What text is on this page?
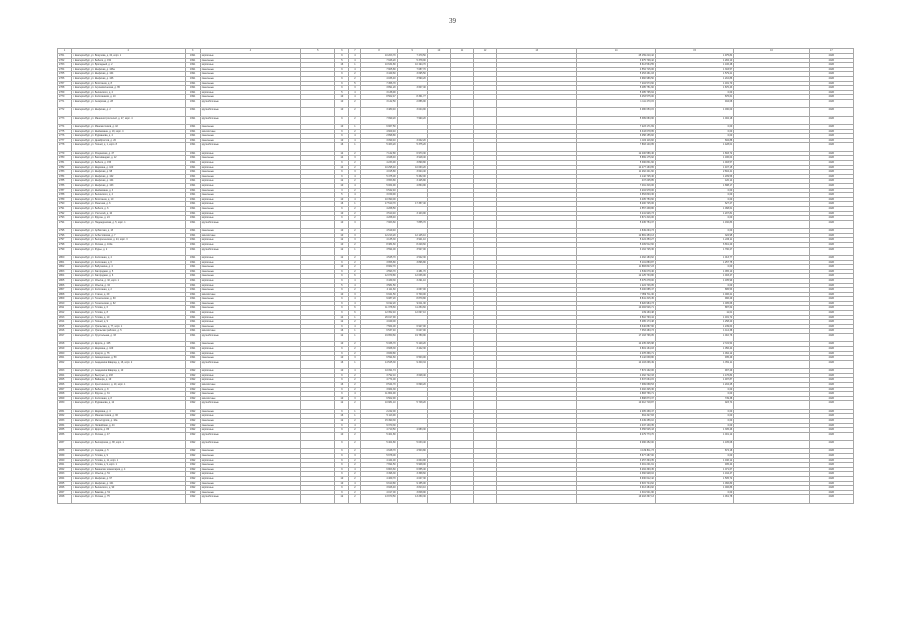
39
1	2	3	4	5	6	7	8	9	10	11	12	13	14	15	16	17
2761	г. Екатеринбург, ул. Викулова, д. 34, корп. 1	1991	кирпичные		9	4	10 203,70	7 479,50					25 159 210,42	1 975,84		2026
2762	г. Екатеринбург, ул. Бебеля, д. 152	1991	панельные		5	4	7 946,20	5 378,90					3 975 709,42	1 284,10		2026
2763	г. Екатеринбург, ул. Бригадный, д. 2	1991	кирпичные		16	1	10 634,80	10 194,70					8 613 564,55	1 106,48		2026
2764	г. Екатеринбург, ул. Шефская, д. 106а	1991	панельные		9	4	7 905,80	7 087,70					4 554 715,06	1 303,57		2026
2765	г. Екатеринбург, ул. Шефская, д. 104	1991	панельные		9	2	3 449,60	3 095,50					5 253 461,03	1 579,21		2026
2766	г. Екатеринбург, ул. Шефская, д. 106	1991	панельные		9	2	4 036,40	3 590,20					3 982 986,50	1 210,86		2026
2767	г. Екатеринбург, ул. Восстания, д. 8	1991	панельные		9	5	7 456,70						7 204 573,60	1 181,70		2026
2768	г. Екатеринбург, ул. Агрономическая, д. 65	1991	панельные		9	3	3 891,20	3 607,40					5 485 751,60	1 870,43		2026
2769	г. Екатеринбург, ул. Белинского, д. 2	1991	кирпичные		5	4	3 138,90						5 485 795,94	0,00		2026
2770	г. Екатеринбург, ул. Колхозников, д. 10	1991	панельные		10	4	8 502,47	8 361,77					6 453 575,00	876,61		2026
2771	г. Екатеринбург, ул. Ангарская, д. 28	1991	крупноблочные		10	2	3 142,50	2 886,90					1 111 470,15	494,08		2026
2772	г. Екатеринбург, ул. Шефская, д. 2	1991	крупноблочные		10	2	3 480,40	3 044,90					3 080 653,15	1 030,00		2026
2773	г. Екатеринбург, ул. Машиностроителей, д. 27, корп. 4	1991	крупноблочные		9	2	7 999,20	7 990,20					5 389 683,96	1 002,18		2026
2774	г. Екатеринбург, ул. Минометчиков, д. 42	1991	панельные		10	1	6 967,50						7 223 171,69	0,00		2026
2775	г. Екатеринбург, ул. Шейнкмана, д. 19, корп. 4	1991	монолитные		9	2	4 609,40						6 343 678,95	0,00		2026
2776	г. Екатеринбург, ул. Фурманова, д. 4	1991	панельные		9	4	2 898,80						6 058 155,82	0,00		2026
2777	г. Екатеринбург, ул. Декабристов, д. 20	1991	панельные		10	4	3 099,40	3 002,20					1 184 116,82	602,88		2026
2778	г. Екатеринбург, ул. Ткачей, д. 1, корп. 8	1991	крупноблочные		16	1	5 463,20	5 375,20					7 893 140,95	1 428,01		2026
2779	г. Екатеринбург, ул. Рощинская, д. 47	1991	кирпичные		14	2	7 142,80	6 973,30					12 400 586,46	1 803,72		2026
2780	г. Екатеринбург, ул. Бахчиванджи, д. 12	1991	панельные		14	3	4 948,40	3 918,40					5 869 175,92	1 186,04		2026
2781	г. Екатеринбург, ул. Бебеля, д. 156	1991	кирпичные		9	2	4 233,90	3 899,80					5 396 831,66	1 003,57		2026
2782	г. Екатеринбург, ул. Шаумяна, д. 100	1991	кирпичные		14	2	10 295,40	10 063,20					14 477 163,65	1 407,15		2026
2783	г. Екатеринбург, ул. Шефская, д. 98	1991	панельные		9	3	4 015,80	3 624,40					11 262 441,60	2 804,41		2026
2784	г. Екатеринбург, ул. Шефская, д. 102	1991	панельные		9	4	5 475,00	5 452,00					4 142 725,46	1 209,56		2026
2785	г. Екатеринбург, ул. Шефская, д. 104	1991	кирпичные		12	2	3 653,80	3 425,80					437 205,85	120,14		2026
2786	г. Екатеринбург, ул. Шефская, д. 103	1991	кирпичные		10	4	5 064,90	4 864,90					7 491 316,06	1 688,17		2026
2787	г. Екатеринбург, ул. Шейнкмана, д. 3	1991	панельные		3	2	6 542,40						3 204 978,06	0,00		2026
2788	г. Екатеринбург, ул. Белинского, д. 4	1991	панельные		5	4	3 159,90						3 653 803,36	0,00		2026
2789	г. Екатеринбург, ул. Восстания, д. 10	1991	кирпичные		10	4	10 390,00						3 405 753,60	0,00		2026
2790	г. Екатеринбург, ул. Ракетная, д. 6	1991	кирпичные		16	1	17 510,70	17 357,40					8 200 725,06	627,27		2026
2791	г. Екатеринбург, ул. Бебеля, д. 6	1991	панельные		9	2	4 268,50						4 557 438,86	1 068,61		2026
2792	г. Екатеринбург, ул. Учителей, д. 10	1991	кирпичные		10	2	3 510,40	3 103,90					3 241 926,73	1 207,81		2026
2793	г. Екатеринбург, ул. Фрунзе, д. 24	1991	кирпичные		9	2	4 268,40						3 871 316,06	0,00		2026
2794	г. Екатеринбург, ул. Надеждинская, д. 5, корп. 1	1991	крупноблочные		10	3	7 963,60	7 855,70					5 045 754,37	1 160,83		2026
2795	г. Екатеринбург, ул. Арбатская, д. 1б	1991	панельные		10	2	4 519,40						4 849 294,73	0,00		2026
2796	г. Екатеринбург, ул. Асбестовская, д. 7	1991	монолитные		10	3	12 213,20	12 145,10					12 881 453,13	322,95		2026
2797	г. Екатеринбург, ул. Белореченская, д. 24, корп. 3	1991	кирпичные		12	3	4 135,30	3 921,10					5 424 353,27	1 226,11		2026
2798	г. Екатеринбург, ул. Репина, д. 104а	1991	кирпичные		10	2	8 384,60	8 229,60					5 409 512,60	6 661,20		2026
2799	г. Екатеринбург, ул. Фурье, д. 2	1991	крупноблочные		12	1	3 594,00	3 527,00					3 164 725,36	1 790,27		2026
2800	г. Екатеринбург, ул. Колхозная, д. 4	1991	кирпичные		12	2	4 545,70	4 542,30					4 462 183,62	1 013,77		2026
2801	г. Екатеринбург, ул. Колхозная, д. 6	1991	кирпичные		9	2	3 956,80	3 896,80					5 101 883,87	1 257,75		2026
2802	г. Екатеринбург, ул. Бабушкина, д. 4	1991	панельные		10	2	8 962,70						11 883 847,23	0,00		2026
2803	г. Екатеринбург, ул. Загородная, д. 5	1991	панельные		9	2	4 593,70	4 481,70					4 549 079,46	1 065,10		2026
2804	г. Екатеринбург, ул. Загородная, д. 6	1991	панельные		9	6	12 079,80	12 036,00					12 125 733,80	1 003,47		2026
2805	г. Екатеринбург, ул. Ильича, д. 32, корп. 1	1991	кирпичные		9	4	3 439,30	3 291,10					5 375 278,00	1 185,99		2026
2806	г. Екатеринбург, ул. Ильича, д. 34	1991	кирпичные		5	4	3 581,50						1 224 746,05	0,00		2026
2807	г. Екатеринбург, ул. Колхозная, д. 2	1991	панельные		9	2	4 111,60	4 067,00					5 400 685,47	895,53		2026
2808	г. Екатеринбург, ул. Стачек, д. 29	1991	монолитные		10	3	6 941,50	6 700,00					7 959 711,30	1 006,21		2026
2809	г. Екатеринбург, ул. Техническая, д. 60	1991	панельные		9	4	9 087,20	8 879,80					8 841 315,45	996,29		2026
2810	г. Екатеринбург, ул. Техническая, д. 62	1991	панельные		9	4	9 192,20	9 011,30					8 920 984,73	1 005,66		2026
2811	г. Екатеринбург, ул. Титова, д. 6	1991	панельные		9	6	11 378,60	11 254,60					10 484 526,71	887,62		2026
2812	г. Екатеринбург, ул. Титова, д. 8	1991	кирпичные		9	6	12 352,40	12 097,10					139 163,48	11,01		2026
2813	г. Екатеринбург, ул. Титова, д. 10	1991	кирпичные		14	1	26 017,90						3 510 793,44	1 181,72		2026
2814	г. Екатеринбург, ул. Ткачей, д. 9	1991	кирпичные		12	2	4 049,00						5 095 173,48	1 258,20		2026
2815	г. Екатеринбург, ул. Уральская, д. 77, корп. 1	1991	панельные		9	4	7 564,00	6 927,00					8 640 887,96	1 249,64		2026
2816	г. Екатеринбург, ул. Уральских рабочих, д. 5	1991	монолитные		16	1	6 537,40	6 047,00					7 353 483,73	1 112,38		2026
2817	г. Екатеринбург, ул. Хрустальная, д. 33	1991	крупноблочные		12	1	19 950,60	19 780,90					17 193 796,05	1 010,76		2026
2818	г. Екатеринбург, ул. Щорса, д. 105	1991	панельные		10	2	5 336,70	5 129,20					14 235 325,98	2 722,54		2026
2819	г. Екатеринбург, ул. Шаумяна, д. 109	1991	кирпичные		9	2	3 668,30	3 442,30					3 819 164,03	1 056,44		2026
2820	г. Екатеринбург, ул. Крауля, д. 76	1991	кирпичные		9	2	3 839,80						4 078 366,71	1 062,12		2026
2821	г. Екатеринбург, ул. Авиационная, д. 59	1991	панельные		10	3	6 594,60	6 503,00					5 142 638,80	935,49		2026
2822	г. Екатеринбург, ул. Академика Шварца, д. 16, корп. 2	1992	крупноблочные		16	1	14 545,30	9 340,34					14 103 296,49	1 051,11		2026
2823	г. Екатеринбург, ул. Академика Шварца, д. 10	1992	кирпичные		10	4	10 811,74						7 874 192,06	997,29		2026
2824	г. Екатеринбург, ул. Быстрых, д. 13б	1992	кирпичные		9	2	3 792,10	3 628,40					4 462 722,33	1 176,84		2026
2825	г. Екатеринбург, ул. Вайнера, д. 19	1992	кирпичные		9	2	4 774,00						3 637 064,15	1 487,87		2026
2826	г. Екатеринбург, ул. Крестинского, д. 10, корп. 1	1992	монолитные		16	2	8 544,70	6 699,20					7 999 668,53	1 204,25		2026
2827	г. Екатеринбург, ул. Бебеля, д. 8	1992	панельные		9	2	3 964,30						3 002 325,36	0,00		2026
2828	г. Екатеринбург, ул. Фрунзе, д. 31	1992	панельные		9	4	11 804,90						4 883 766,71	0,00		2026
2829	г. Екатеринбург, ул. Колхозная, д. 8	1992	монолитные		10	3	6 502,90						3 898 873,37	749,38		2026
2830	г. Екатеринбург, ул. Фурманова, д. 12	1992	крупноблочные		12	2	10 981,10	5 748,20					10 012 718,87	923,74		2026
2831	г. Екатеринбург, ул. Шаумяна, д. 4	1992	панельные		9	1	2 242,00						2 005 469,47	0,00		2026
2832	г. Екатеринбург, ул. Минометчиков, д. 36	1992	кирпичные		16	1	5 113,90						662 327,83	0,00		2026
2833	г. Екатеринбург, ул. Металлургов, д. 16а	1992	панельные		12	2	15 490,30						6 449 456,10	0,00		2026
2834	г. Екатеринбург, ул. Латвийская, д. 44	1992	панельные		9	4	9 370,30						4 047 130,35	0,00		2026
2835	г. Екатеринбург, ул. Щорса, д. 86	1992	кирпичные		9	2	4 710,50	4 683,30					6 356 525,43	1 305,46		2026
2836	г. Екатеринбург, ул. Репина, д. 47	1992	крупноблочные		10	2	5 401,80						9 479 773,70	1 001,12		2026
2837	г. Екатеринбург, ул. Белоярская, д. 8б, корп. 1	1992	крупноблочные		9	2	5 404,80	5 033,40					9 096 452,00	1 105,08		2026
2838	г. Екатеринбург, ул. Седова, д. 5	1992	панельные		9	2	4 648,70	4 503,80					4 139 811,73	874,18		2026
2839	г. Екатеринбург, ул. Титова, д. 9	1992	панельные		9	3	5 978,00						5 677 487,00	0,00		2026
2840	г. Екатеринбург, ул. Титова, д. 11, корп. 1	1992	кирпичные		9	2	4 444,00	4 004,90					3 257 394,35	1 046,12		2026
2841	г. Екатеринбург, ул. Титова, д. 9, корп. 1	1992	панельные		9	2	7 694,50	5 908,00					3 001 201,91	495,44		2026
2842	г. Екатеринбург, ул. Бакинских комиссаров, д. 4	1992	панельные		9	4	6 803,60	6 655,40					6 294 393,45	1 071,67		2026
2843	г. Екатеринбург, ул. Ильича, д. 51	1992	кирпичные		9	2	3 496,30	3 368,60					4 360 928,16	1 194,47		2026
2844	г. Екатеринбург, ул. Шефская, д. 97	1992	кирпичные		10	2	4 469,70	4 047,30					6 930 612,42	1 505,72		2026
2845	г. Екатеринбург, ул. Шефская, д. 101	1992	панельные		10	4	9 610,80	9 155,00					9 615 744,62	1 066,80		2026
2846	г. Екатеринбург, ул. Белинского, д. 90	1992	кирпичные		9	2	3 926,40	3 813,10					3 913 484,92	1 006,86		2026
2847	г. Екатеринбург, ул. Бажова, д. 51	1992	панельные		9	2	4 017,00	3 848,90					4 301 541,96	0,00		2026
2848	г. Екатеринбург, ул. Репина, д. 75	1992	крупноблочные		12	2	13 970,50	13 250,30					19 218 397,13	1 061,78		2026
